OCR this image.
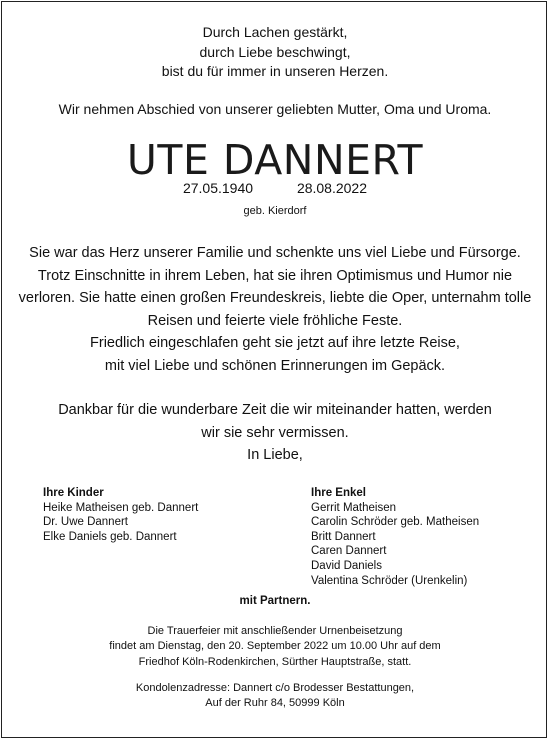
Durch Lachen gestärkt,
durch Liebe beschwingt,
bist du für immer in unseren Herzen.
Wir nehmen Abschied von unserer geliebten Mutter, Oma und Uroma.
UTE DANNERT
27.05.1940	28.08.2022
geb. Kierdorf
Sie war das Herz unserer Familie und schenkte uns viel Liebe und Fürsorge.
Trotz Einschnitte in ihrem Leben, hat sie ihren Optimismus und Humor nie
verloren. Sie hatte einen großen Freundeskreis, liebte die Oper, unternahm tolle
Reisen und feierte viele fröhliche Feste.
Friedlich eingeschlafen geht sie jetzt auf ihre letzte Reise,
mit viel Liebe und schönen Erinnerungen im Gepäck.
Dankbar für die wunderbare Zeit die wir miteinander hatten, werden
wir sie sehr vermissen.
In Liebe,
Ihre Kinder
Heike Matheisen geb. Dannert
Dr. Uwe Dannert
Elke Daniels geb. Dannert
Ihre Enkel
Gerrit Matheisen
Carolin Schröder geb. Matheisen
Britt Dannert
Caren Dannert
David Daniels
Valentina Schröder (Urenkelin)
mit Partnern.
Die Trauerfeier mit anschließender Urnenbeisetzung
findet am Dienstag, den 20. September 2022 um 10.00 Uhr auf dem
Friedhof Köln-Rodenkirchen, Sürther Hauptstraße, statt.
Kondolenzadresse: Dannert c/o Brodesser Bestattungen,
Auf der Ruhr 84, 50999 Köln
